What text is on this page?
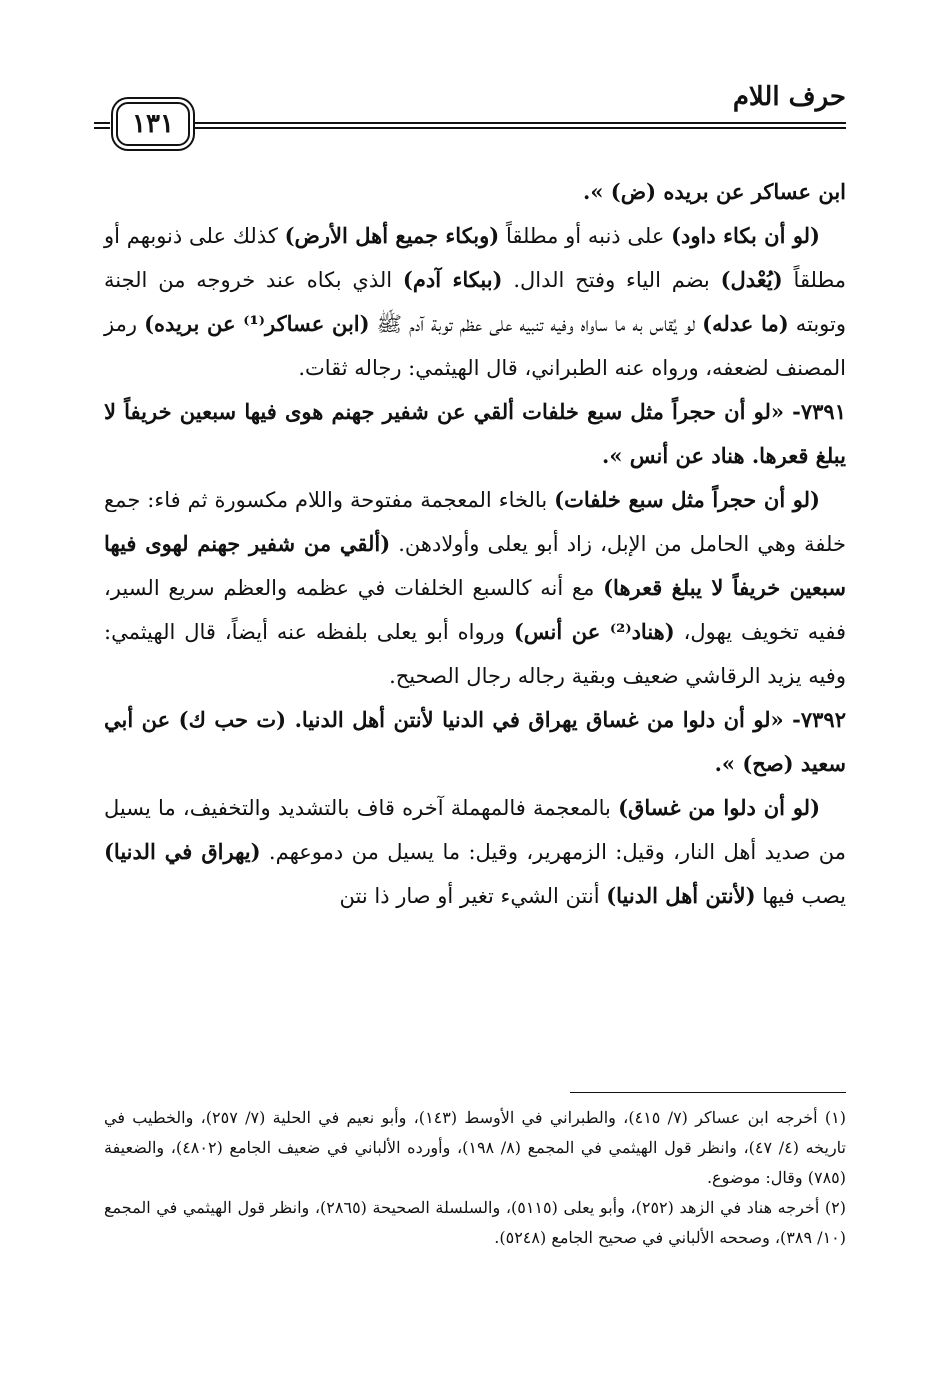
حرف اللام
١٣١

ابن عساكر عن بريده (ض) ».

(لو أن بكاء داود) على ذنبه أو مطلقاً (وبكاء جميع أهل الأرض) كذلك على ذنوبهم أو مطلقاً (يُعْدل) بضم الياء وفتح الدال. (ببكاء آدم) الذي بكاه عند خروجه من الجنة وتوبته (ما عدله) لو يُقاس به ما ساواه وفيه تنبيه على عظم توبة آدم ﷺ (ابن عساكر⁽¹⁾ عن بريده) رمز المصنف لضعفه، ورواه عنه الطبراني، قال الهيثمي: رجاله ثقات.

٧٣٩١- «لو أن حجراً مثل سبع خلفات ألقي عن شفير جهنم هوى فيها سبعين خريفاً لا يبلغ قعرها. هناد عن أنس ».

(لو أن حجراً مثل سبع خلفات) بالخاء المعجمة مفتوحة واللام مكسورة ثم فاء: جمع خلفة وهي الحامل من الإبل، زاد أبو يعلى وأولادهن. (ألقي من شفير جهنم لهوى فيها سبعين خريفاً لا يبلغ قعرها) مع أنه كالسبع الخلفات في عظمه والعظم سريع السير، ففيه تخويف يهول، (هناد⁽²⁾ عن أنس) ورواه أبو يعلى بلفظه عنه أيضاً، قال الهيثمي: وفيه يزيد الرقاشي ضعيف وبقية رجاله رجال الصحيح.

٧٣٩٢- «لو أن دلوا من غساق يهراق في الدنيا لأنتن أهل الدنيا. (ت حب ك) عن أبي سعيد (صح) ».

(لو أن دلوا من غساق) بالمعجمة فالمهملة آخره قاف بالتشديد والتخفيف، ما يسيل من صديد أهل النار، وقيل: الزمهرير، وقيل: ما يسيل من دموعهم. (يهراق في الدنيا) يصب فيها (لأنتن أهل الدنيا) أنتن الشيء تغير أو صار ذا نتن

(١) أخرجه ابن عساكر (٧/ ٤١٥)، والطبراني في الأوسط (١٤٣)، وأبو نعيم في الحلية (٧/ ٢٥٧)، والخطيب في تاريخه (٤/ ٤٧)، وانظر قول الهيثمي في المجمع (٨/ ١٩٨)، وأورده الألباني في ضعيف الجامع (٤٨٠٢)، والضعيفة (٧٨٥) وقال: موضوع.

(٢) أخرجه هناد في الزهد (٢٥٢)، وأبو يعلى (٥١١٥)، والسلسلة الصحيحة (٢٨٦٥)، وانظر قول الهيثمي في المجمع (١٠/ ٣٨٩)، وصححه الألباني في صحيح الجامع (٥٢٤٨).
